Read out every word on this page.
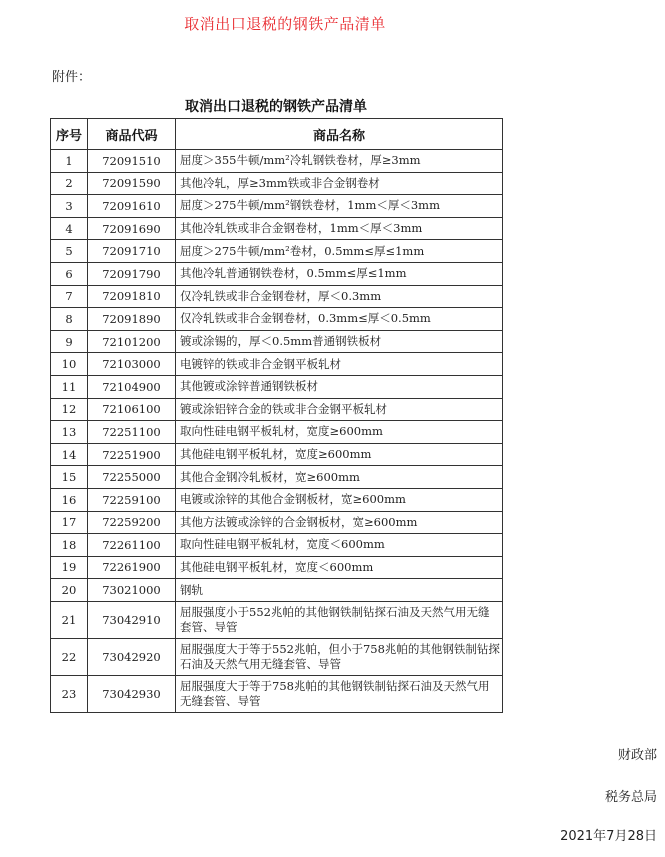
取消出口退税的钢铁产品清单
附件：
取消出口退税的钢铁产品清单
序号	商品代码	商品名称
1	72091510	屈度＞355牛顿/mm²冷轧钢铁卷材，厚≥3mm
2	72091590	其他冷轧，厚≥3mm铁或非合金钢卷材
3	72091610	屈度＞275牛顿/mm²钢铁卷材，1mm＜厚＜3mm
4	72091690	其他冷轧铁或非合金钢卷材，1mm＜厚＜3mm
5	72091710	屈度＞275牛顿/mm²卷材，0.5mm≤厚≤1mm
6	72091790	其他冷轧普通钢铁卷材，0.5mm≤厚≤1mm
7	72091810	仅冷轧铁或非合金钢卷材，厚＜0.3mm
8	72091890	仅冷轧铁或非合金钢卷材，0.3mm≤厚＜0.5mm
9	72101200	镀或涂锡的，厚＜0.5mm普通钢铁板材
10	72103000	电镀锌的铁或非合金钢平板轧材
11	72104900	其他镀或涂锌普通钢铁板材
12	72106100	镀或涂铝锌合金的铁或非合金钢平板轧材
13	72251100	取向性硅电钢平板轧材，宽度≥600mm
14	72251900	其他硅电钢平板轧材，宽度≥600mm
15	72255000	其他合金钢冷轧板材，宽≥600mm
16	72259100	电镀或涂锌的其他合金钢板材，宽≥600mm
17	72259200	其他方法镀或涂锌的合金钢板材，宽≥600mm
18	72261100	取向性硅电钢平板轧材，宽度＜600mm
19	72261900	其他硅电钢平板轧材，宽度＜600mm
20	73021000	钢轨
21	73042910	屈服强度小于552兆帕的其他钢铁制钻探石油及天然气用无缝套管、导管
22	73042920	屈服强度大于等于552兆帕，但小于758兆帕的其他钢铁制钻探石油及天然气用无缝套管、导管
23	73042930	屈服强度大于等于758兆帕的其他钢铁制钻探石油及天然气用无缝套管、导管
财政部
税务总局
2021年7月28日
